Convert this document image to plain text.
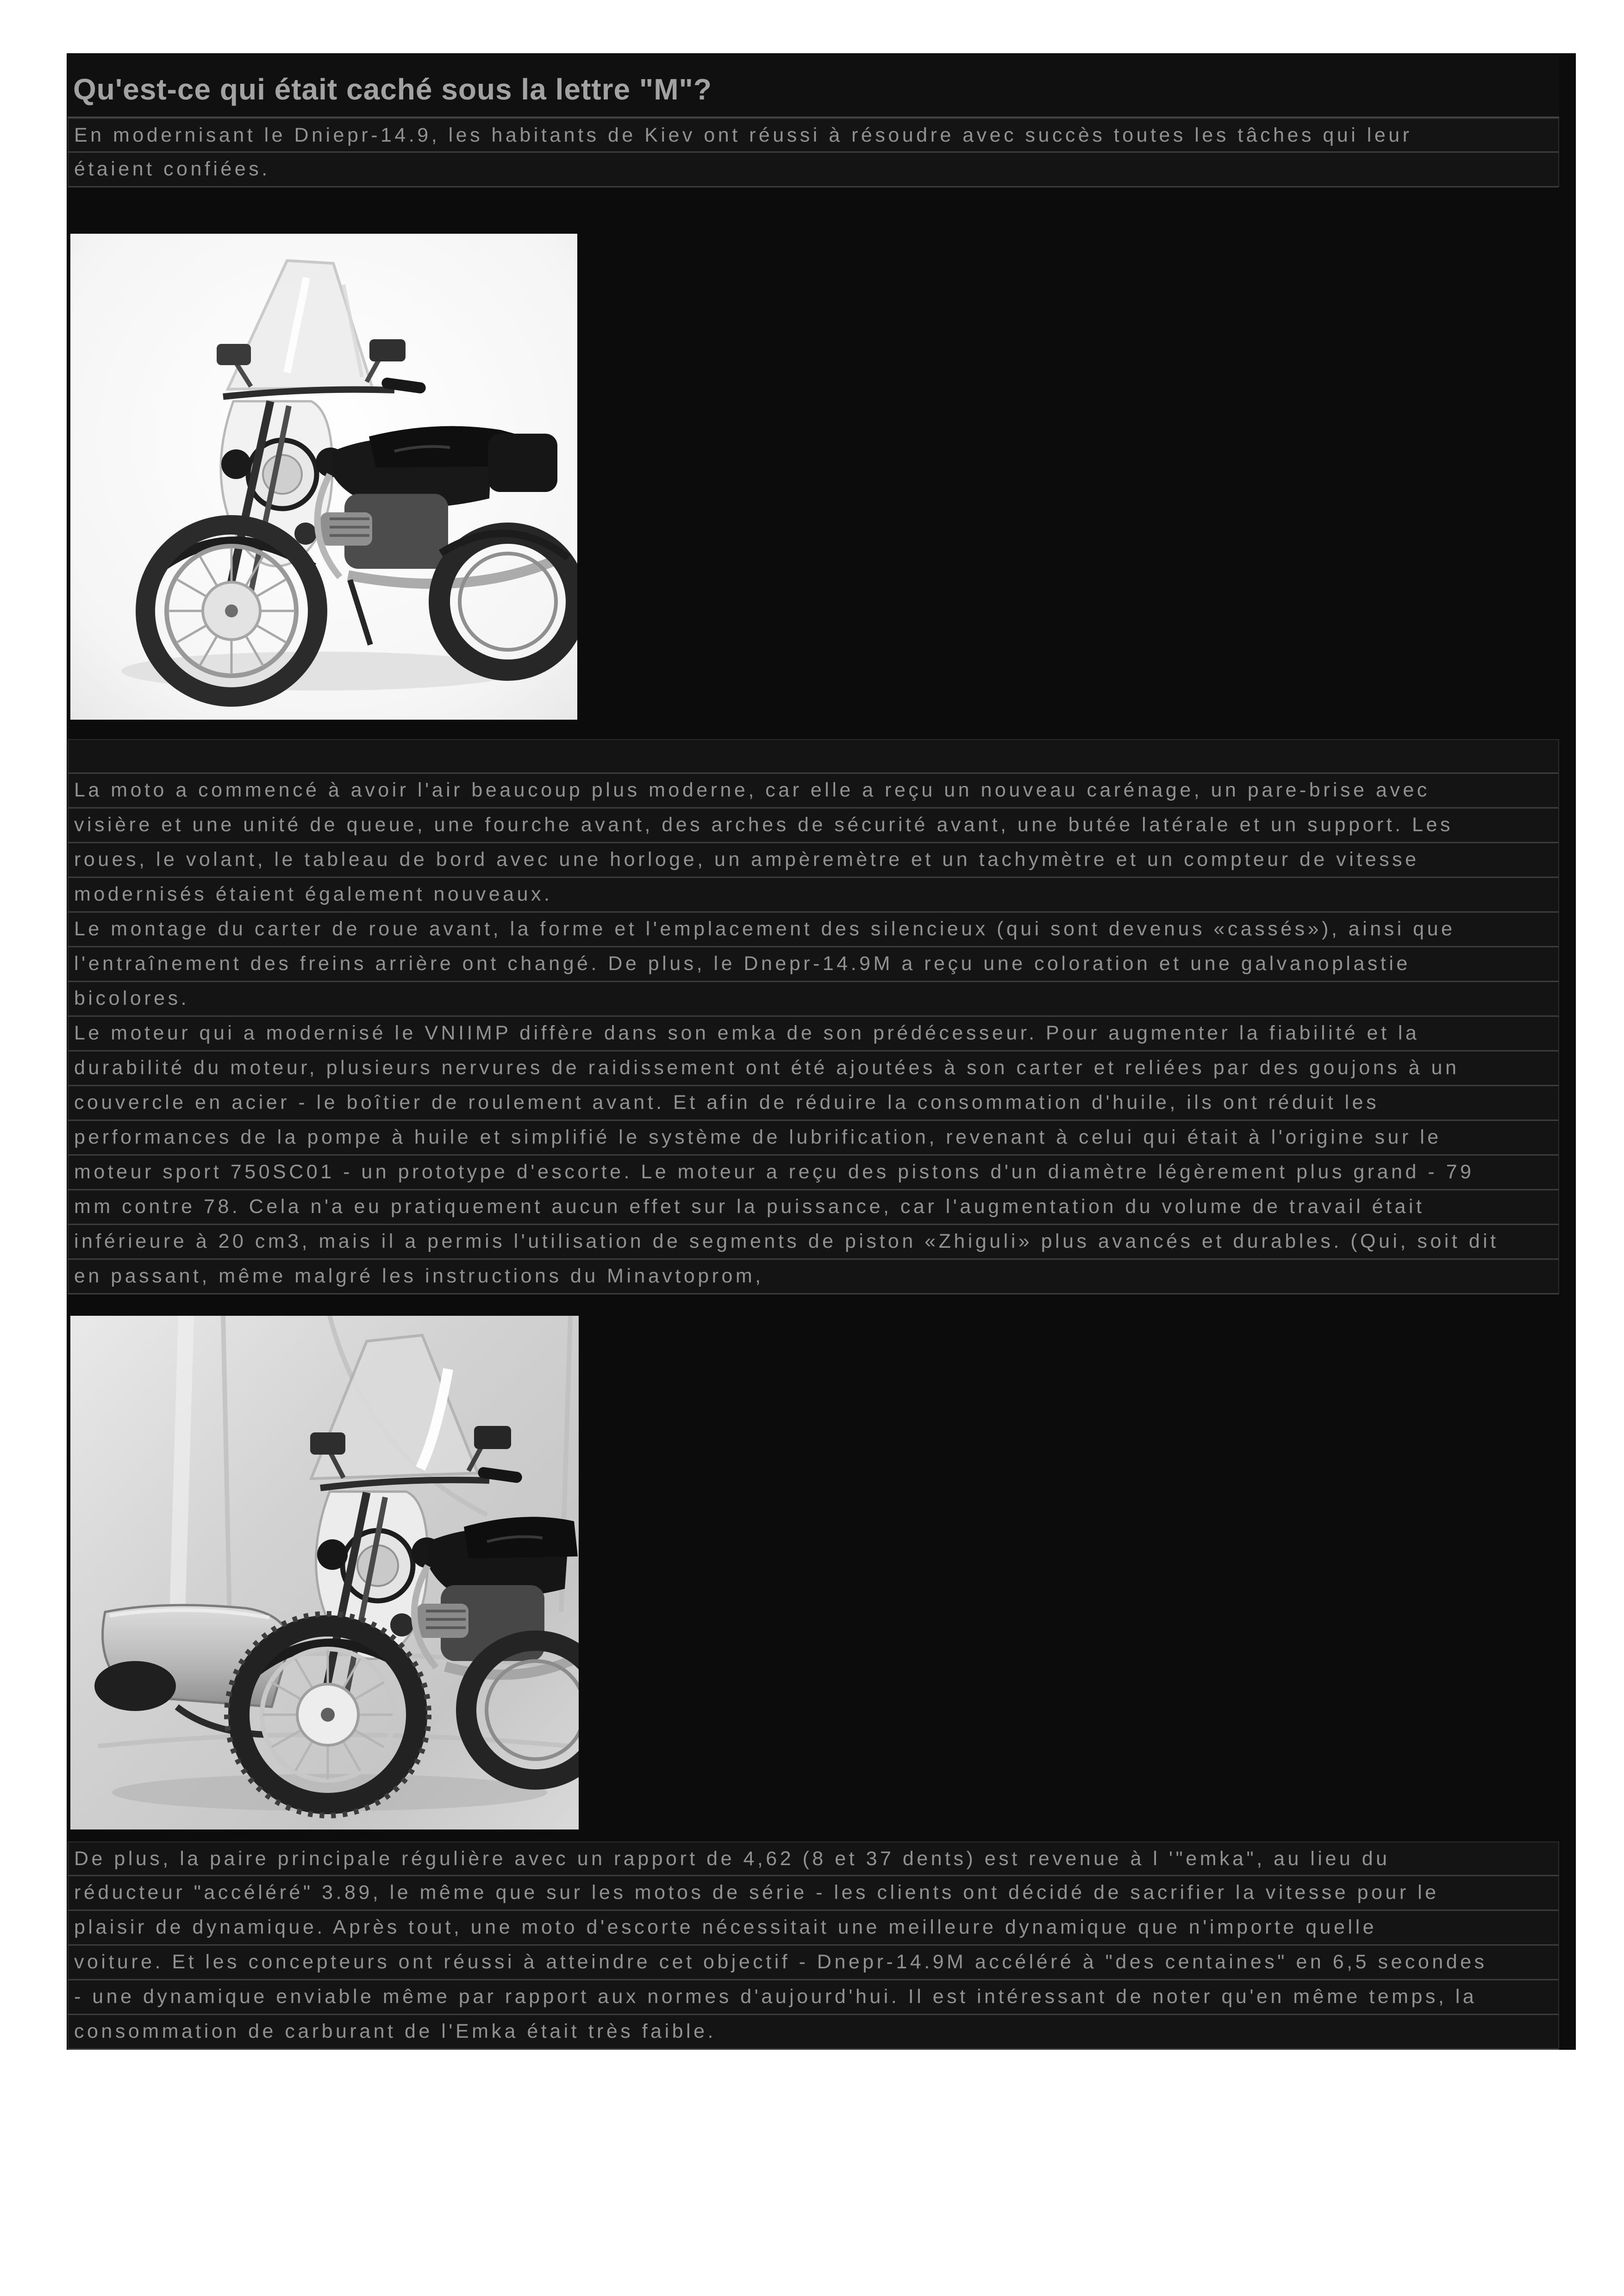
Qu'est-ce qui était caché sous la lettre "M"?
En modernisant le Dniepr-14.9, les habitants de Kiev ont réussi à résoudre avec succès toutes les tâches qui leur
étaient confiées.
La moto a commencé à avoir l'air beaucoup plus moderne, car elle a reçu un nouveau carénage, un pare-brise avec
visière et une unité de queue, une fourche avant, des arches de sécurité avant, une butée latérale et un support. Les
roues, le volant, le tableau de bord avec une horloge, un ampèremètre et un tachymètre et un compteur de vitesse
modernisés étaient également nouveaux.
Le montage du carter de roue avant, la forme et l'emplacement des silencieux (qui sont devenus «cassés»), ainsi que
l'entraînement des freins arrière ont changé. De plus, le Dnepr-14.9M a reçu une coloration et une galvanoplastie
bicolores.
Le moteur qui a modernisé le VNIIMP diffère dans son emka de son prédécesseur. Pour augmenter la fiabilité et la
durabilité du moteur, plusieurs nervures de raidissement ont été ajoutées à son carter et reliées par des goujons à un
couvercle en acier - le boîtier de roulement avant. Et afin de réduire la consommation d'huile, ils ont réduit les
performances de la pompe à huile et simplifié le système de lubrification, revenant à celui qui était à l'origine sur le
moteur sport 750SC01 - un prototype d'escorte. Le moteur a reçu des pistons d'un diamètre légèrement plus grand - 79
mm contre 78. Cela n'a eu pratiquement aucun effet sur la puissance, car l'augmentation du volume de travail était
inférieure à 20 cm3, mais il a permis l'utilisation de segments de piston «Zhiguli» plus avancés et durables. (Qui, soit dit
en passant, même malgré les instructions du Minavtoprom,
De plus, la paire principale régulière avec un rapport de 4,62 (8 et 37 dents) est revenue à l '"emka", au lieu du
réducteur "accéléré" 3.89, le même que sur les motos de série - les clients ont décidé de sacrifier la vitesse pour le
plaisir de dynamique. Après tout, une moto d'escorte nécessitait une meilleure dynamique que n'importe quelle
voiture. Et les concepteurs ont réussi à atteindre cet objectif - Dnepr-14.9M accéléré à "des centaines" en 6,5 secondes
- une dynamique enviable même par rapport aux normes d'aujourd'hui. Il est intéressant de noter qu'en même temps, la
consommation de carburant de l'Emka était très faible.
